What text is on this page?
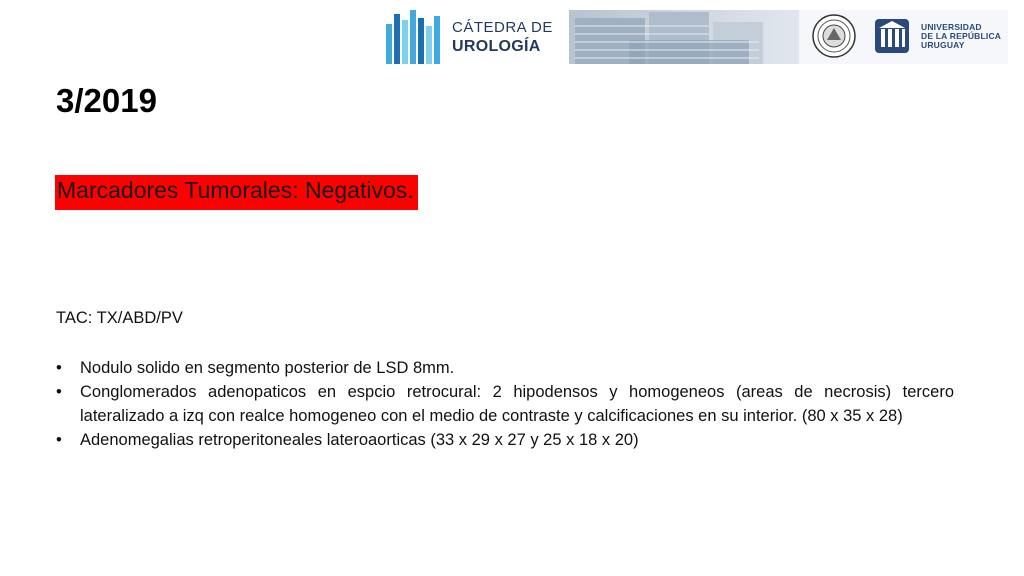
CÁTEDRA DE
UROLOGÍA
UNIVERSIDAD
DE LA REPÚBLICA
URUGUAY
3/2019
Marcadores Tumorales: Negativos.
TAC: TX/ABD/PV
• Nodulo solido en segmento posterior de LSD 8mm.
• Conglomerados adenopaticos en espcio retrocural: 2 hipodensos y homogeneos (areas de necrosis) tercero lateralizado a izq con realce homogeneo con el medio de contraste y calcificaciones en su interior. (80 x 35 x 28)
• Adenomegalias retroperitoneales lateroaorticas (33 x 29 x 27 y 25 x 18 x 20)
